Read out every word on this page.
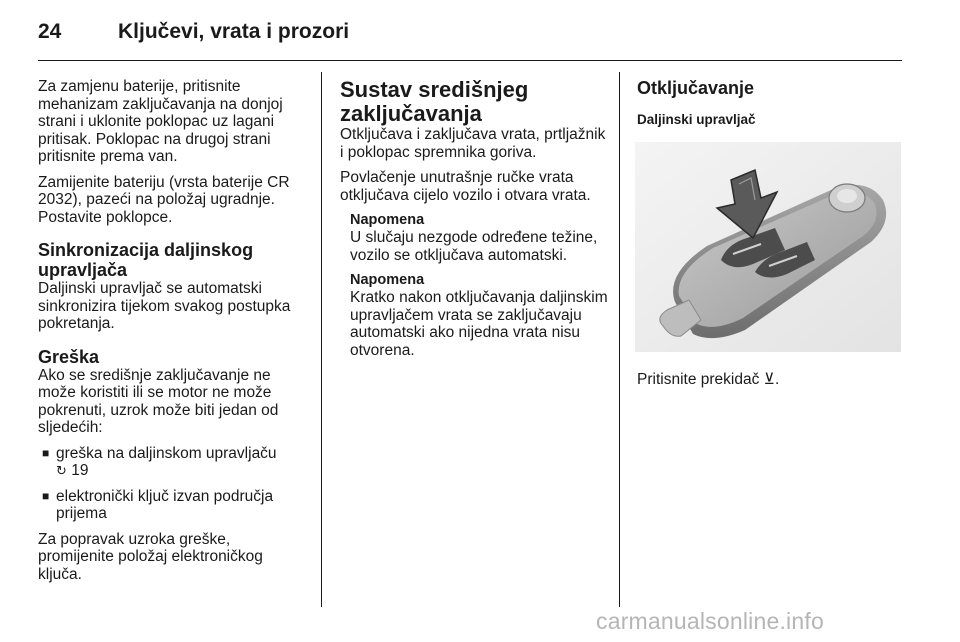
24	Ključevi, vrata i prozori

Za zamjenu baterije, pritisnite mehanizam zaključavanja na donjoj strani i uklonite poklopac uz lagani pritisak. Poklopac na drugoj strani pritisnite prema van.

Zamijenite bateriju (vrsta baterije CR 2032), pazeći na položaj ugradnje. Postavite poklopce.

Sinkronizacija daljinskog upravljača

Daljinski upravljač se automatski sinkronizira tijekom svakog postupka pokretanja.

Greška

Ako se središnje zaključavanje ne može koristiti ili se motor ne može pokrenuti, uzrok može biti jedan od sljedećih:

■ greška na daljinskom upravljaču
↻ 19
■ elektronički ključ izvan područja prijema

Za popravak uzroka greške, promijenite položaj elektroničkog ključa.

Sustav središnjeg zaključavanja

Otključava i zaključava vrata, prtljažnik i poklopac spremnika goriva.

Povlačenje unutrašnje ručke vrata otključava cijelo vozilo i otvara vrata.

Napomena
U slučaju nezgode određene težine, vozilo se otključava automatski.
Napomena
Kratko nakon otključavanja daljinskim upravljačem vrata se zaključavaju automatski ako nijedna vrata nisu otvorena.
Otključavanje
Daljinski upravljač

Pritisnite prekidač ⊻.

carmanualsonline.info
